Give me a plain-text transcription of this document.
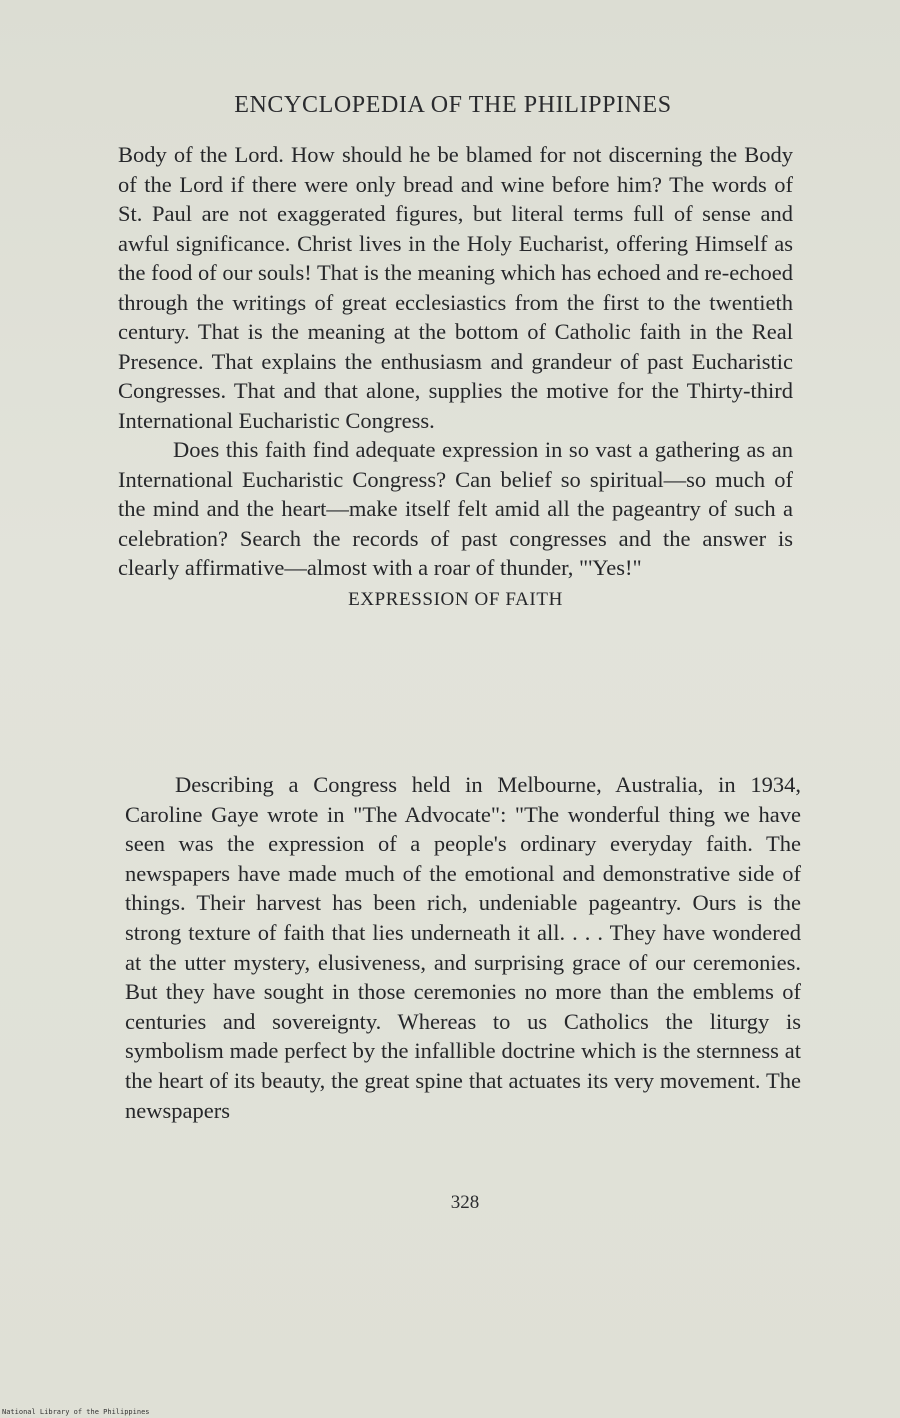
ENCYCLOPEDIA OF THE PHILIPPINES

Body of the Lord. How should he be blamed for not discerning the Body of the Lord if there were only bread and wine before him? The words of St. Paul are not exaggerated figures, but literal terms full of sense and awful significance. Christ lives in the Holy Eucharist, offering Himself as the food of our souls! That is the meaning which has echoed and re-echoed through the writings of great ecclesiastics from the first to the twentieth century. That is the meaning at the bottom of Catholic faith in the Real Presence. That explains the enthusiasm and grandeur of past Eucharistic Congresses. That and that alone, supplies the motive for the Thirty-third International Eucharistic Congress.

Does this faith find adequate expression in so vast a gathering as an International Eucharistic Congress? Can belief so spiritual—so much of the mind and the heart—make itself felt amid all the pageantry of such a celebration? Search the records of past congresses and the answer is clearly affirmative—almost with a roar of thunder, "'Yes!"

EXPRESSION OF FAITH

Describing a Congress held in Melbourne, Australia, in 1934, Caroline Gaye wrote in "The Advocate": "The wonderful thing we have seen was the expression of a people's ordinary everyday faith. The newspapers have made much of the emotional and demonstrative side of things. Their harvest has been rich, undeniable pageantry. Ours is the strong texture of faith that lies underneath it all. . . . They have wondered at the utter mystery, elusiveness, and surprising grace of our ceremonies. But they have sought in those ceremonies no more than the emblems of centuries and sovereignty. Whereas to us Catholics the liturgy is symbolism made perfect by the infallible doctrine which is the sternness at the heart of its beauty, the great spine that actuates its very movement. The newspapers

328
National Library of the Philippines
